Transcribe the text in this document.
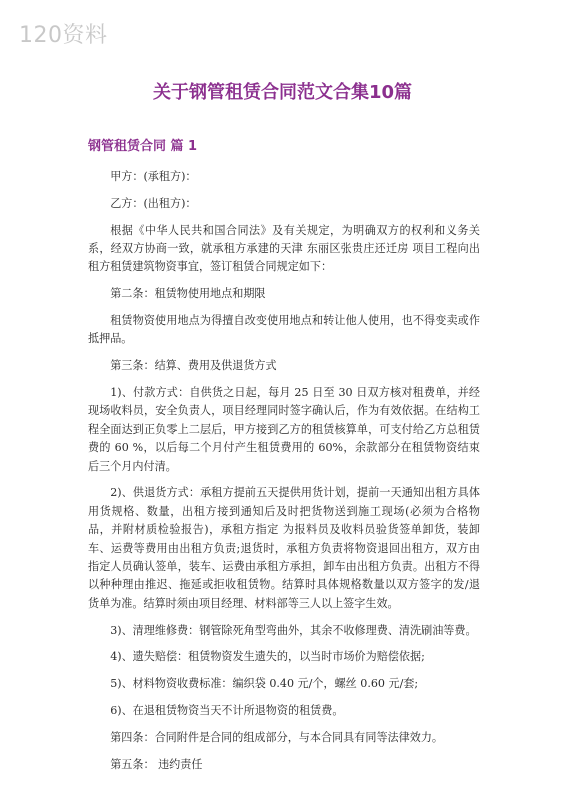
120资料
关于钢管租赁合同范文合集10篇
钢管租赁合同 篇 1

甲方：(承租方)：

乙方：(出租方)：

根据《中华人民共和国合同法》及有关规定，为明确双方的权利和义务关系，经双方协商一致，就承租方承建的天津 东丽区张贵庄还迁房 项目工程向出租方租赁建筑物资事宜，签订租赁合同规定如下：

第二条：租赁物使用地点和期限

租赁物资使用地点为得擅自改变使用地点和转让他人使用，也不得变卖或作抵押品。

第三条：结算、费用及供退货方式

1)、付款方式：自供货之日起，每月 25 日至 30 日双方核对租费单，并经现场收料员，安全负责人，项目经理同时签字确认后，作为有效依据。在结构工程全面达到正负零上二层后，甲方接到乙方的租赁核算单，可支付给乙方总租赁费的 60 %，以后每二个月付产生租赁费用的 60%，余款部分在租赁物资结束后三个月内付清。

2)、供退货方式：承租方提前五天提供用货计划，提前一天通知出租方具体用货规格、数量，出租方接到通知后及时把货物送到施工现场(必须为合格物品，并附材质检验报告)，承租方指定 为报料员及收料员验货签单卸货，装卸车、运费等费用由出租方负责;退货时，承租方负责将物资退回出租方，双方由指定人员确认签单，装车、运费由承租方承担，卸车由出租方负责。出租方不得以种种理由推迟、拖延或拒收租赁物。结算时具体规格数量以双方签字的发/退货单为准。结算时须由项目经理、材料部等三人以上签字生效。

3)、清理维修费：钢管除死角型弯曲外，其余不收修理费、清洗刷油等费。

4)、遗失赔偿：租赁物资发生遗失的，以当时市场价为赔偿依据;

5)、材料物资收费标准：编织袋 0.40 元/个，螺丝 0.60 元/套;

6)、在退租赁物资当天不计所退物资的租赁费。

第四条：合同附件是合同的组成部分，与本合同具有同等法律效力。

第五条： 违约责任
